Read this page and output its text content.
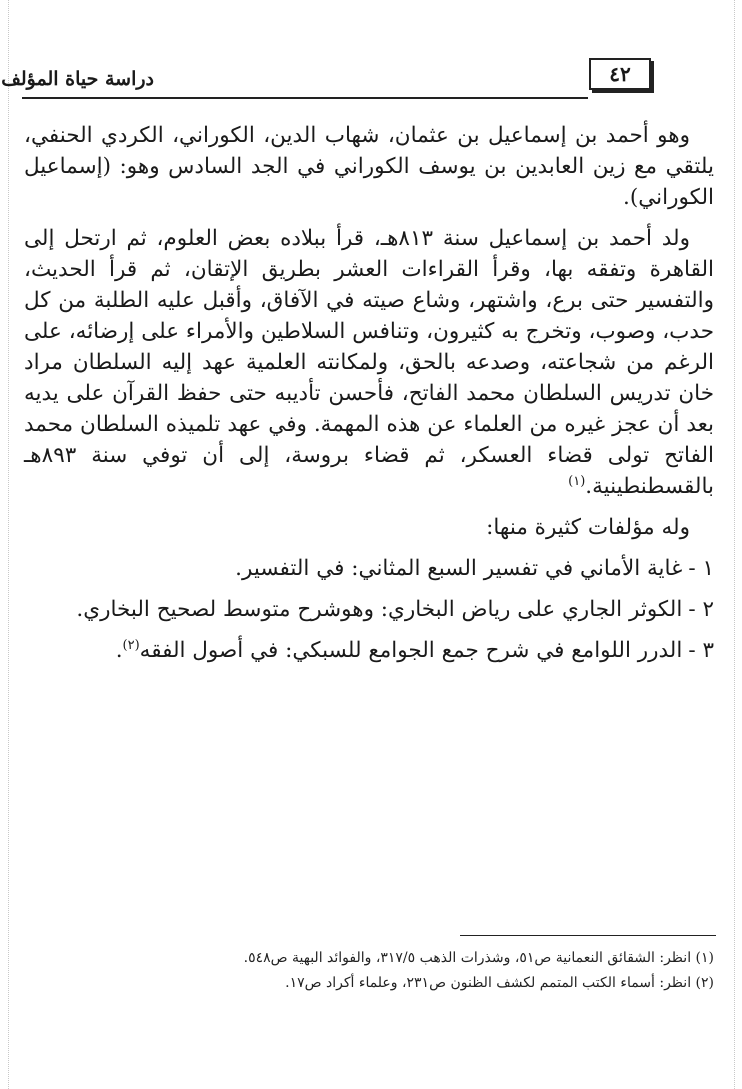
دراسة حياة المؤلف	٤٢

وهو أحمد بن إسماعيل بن عثمان، شهاب الدين، الكوراني، الكردي الحنفي، يلتقي مع زين العابدين بن يوسف الكوراني في الجد السادس وهو: (إسماعيل الكوراني).

ولد أحمد بن إسماعيل سنة ٨١٣هـ، قرأ ببلاده بعض العلوم، ثم ارتحل إلى القاهرة وتفقه بها، وقرأ القراءات العشر بطريق الإتقان، ثم قرأ الحديث، والتفسير حتى برع، واشتهر، وشاع صيته في الآفاق، وأقبل عليه الطلبة من كل حدب، وصوب، وتخرج به كثيرون، وتنافس السلاطين والأمراء على إرضائه، على الرغم من شجاعته، وصدعه بالحق، ولمكانته العلمية عهد إليه السلطان مراد خان تدريس السلطان محمد الفاتح، فأحسن تأديبه حتى حفظ القرآن على يديه بعد أن عجز غيره من العلماء عن هذه المهمة. وفي عهد تلميذه السلطان محمد الفاتح تولى قضاء العسكر، ثم قضاء بروسة، إلى أن توفي سنة ٨٩٣هـ بالقسطنطينية.$^{(١)}$

وله مؤلفات كثيرة منها:

١ -غاية الأماني في تفسير السبع المثاني: في التفسير.

٢ -الكوثر الجاري على رياض البخاري: وهوشرح متوسط لصحيح البخاري.

٣ -الدرر اللوامع في شرح جمع الجوامع للسبكي: في أصول الفقه$^{(٢)}$.

(١) انظر: الشقائق النعمانية ص٥١، وشذرات الذهب ٣١٧/٥، والفوائد البهية ص٥٤٨.

(٢) انظر: أسماء الكتب المتمم لكشف الظنون ص٢٣١، وعلماء أكراد ص١٧.
